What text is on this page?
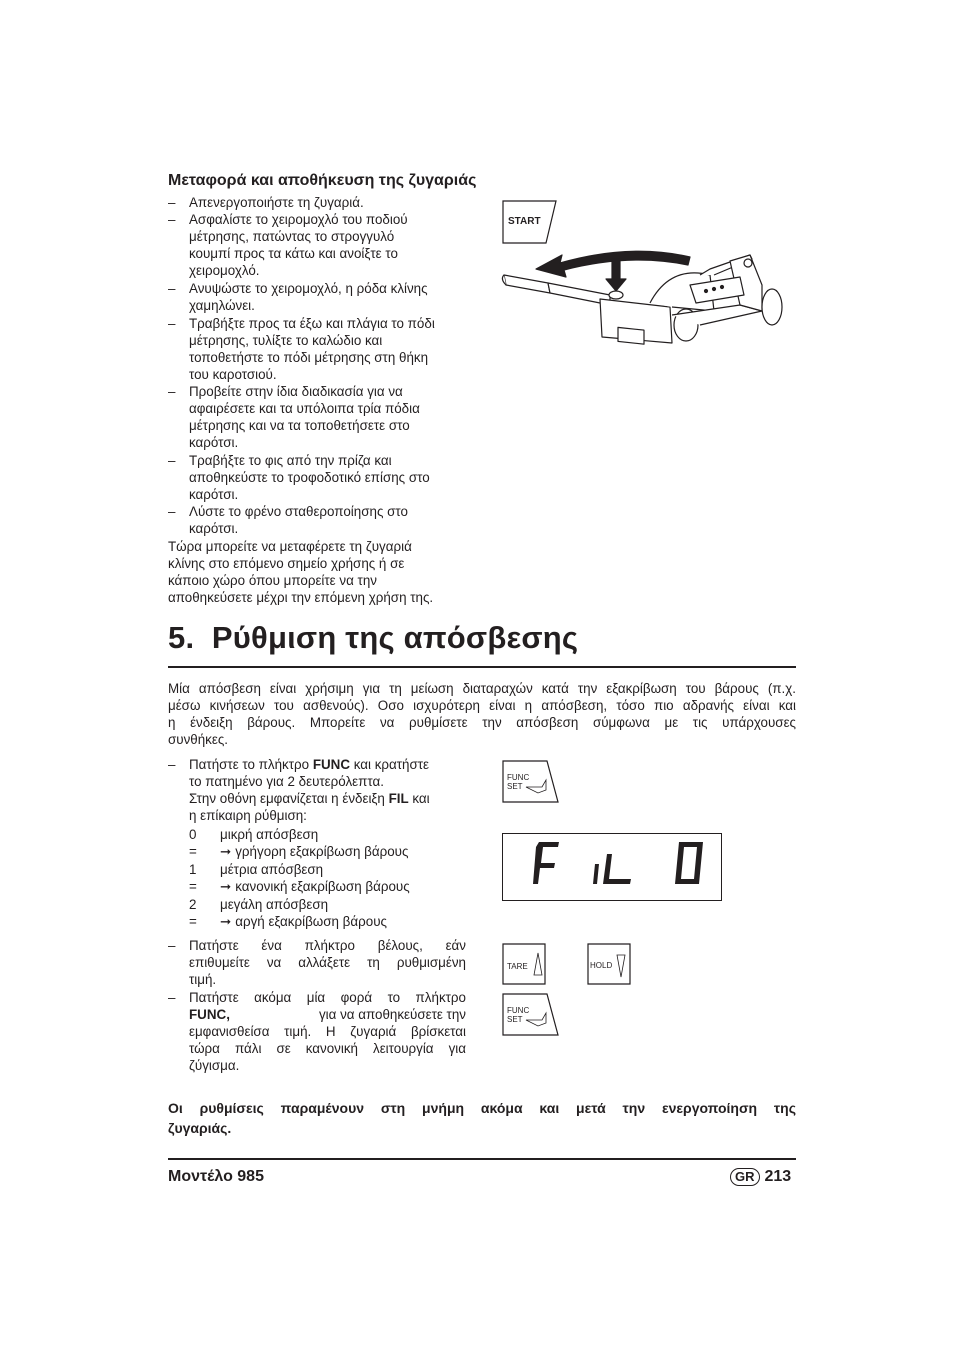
Μεταφορά και αποθήκευση της ζυγαριάς
– Απενεργοποιήστε τη ζυγαριά.
– Ασφαλίστε το χειρομοχλό του ποδιού
μέτρησης, πατώντας το στρογγυλό
κουμπί προς τα κάτω και ανοίξτε το
χειρομοχλό.
– Ανυψώστε το χειρομοχλό, η ρόδα κλίνης
χαμηλώνει.
– Τραβήξτε προς τα έξω και πλάγια το πόδι
μέτρησης, τυλίξτε το καλώδιο και
τοποθετήστε το πόδι μέτρησης στη θήκη
του καροτσιού.
– Προβείτε στην ίδια διαδικασία για να
αφαιρέσετε και τα υπόλοιπα τρία πόδια
μέτρησης και να τα τοποθετήσετε στο
καρότσι.
– Τραβήξτε το φις από την πρίζα και
αποθηκεύστε το τροφοδοτικό επίσης στο
καρότσι.
– Λύστε το φρένο σταθεροποίησης στο
καρότσι.
Τώρα μπορείτε να μεταφέρετε τη ζυγαριά
κλίνης στο επόμενο σημείο χρήσης ή σε
κάποιο χώρο όπου μπορείτε να την
αποθηκεύσετε μέχρι την επόμενη χρήση της.
START
5.  Ρύθμιση της απόσβεσης
Μία απόσβεση είναι χρήσιμη για τη μείωση διαταραχών κατά την εξακρίβωση του βάρους (π.χ.
μέσω κινήσεων του ασθενούς). Οσο ισχυρότερη είναι η απόσβεση, τόσο πιο αδρανής είναι και
η ένδειξη βάρους. Μπορείτε να ρυθμίσετε την απόσβεση σύμφωνα με τις υπάρχουσες
συνθήκες.
– Πατήστε το πλήκτρο FUNC και κρατήστε
το πατημένο για 2 δευτερόλεπτα.
Στην οθόνη εμφανίζεται η ένδειξη FIL και
η επίκαιρη ρύθμιση:
0 =
μικρή απόσβεση
➞ γρήγορη εξακρίβωση βάρους
1 =
μέτρια απόσβεση
➞ κανονική εξακρίβωση βάρους
2 =
μεγάλη απόσβεση
➞ αργή εξακρίβωση βάρους
– Πατήστε ένα πλήκτρο βέλους, εάν
επιθυμείτε να αλλάξετε τη ρυθμισμένη
τιμή.
– Πατήστε ακόμα μία φορά το πλήκτρο
FUNC,	για να αποθηκεύσετε την
εμφανισθείσα τιμή. Η ζυγαριά βρίσκεται
τώρα πάλι σε κανονική λειτουργία για
ζύγισμα.
FUNC
SET
TARE	HOLD
FUNC
SET
Οι ρυθμίσεις παραμένουν στη μνήμη ακόμα και μετά την ενεργοποίηση της
ζυγαριάς.
Μοντέλο 985	GR 213
